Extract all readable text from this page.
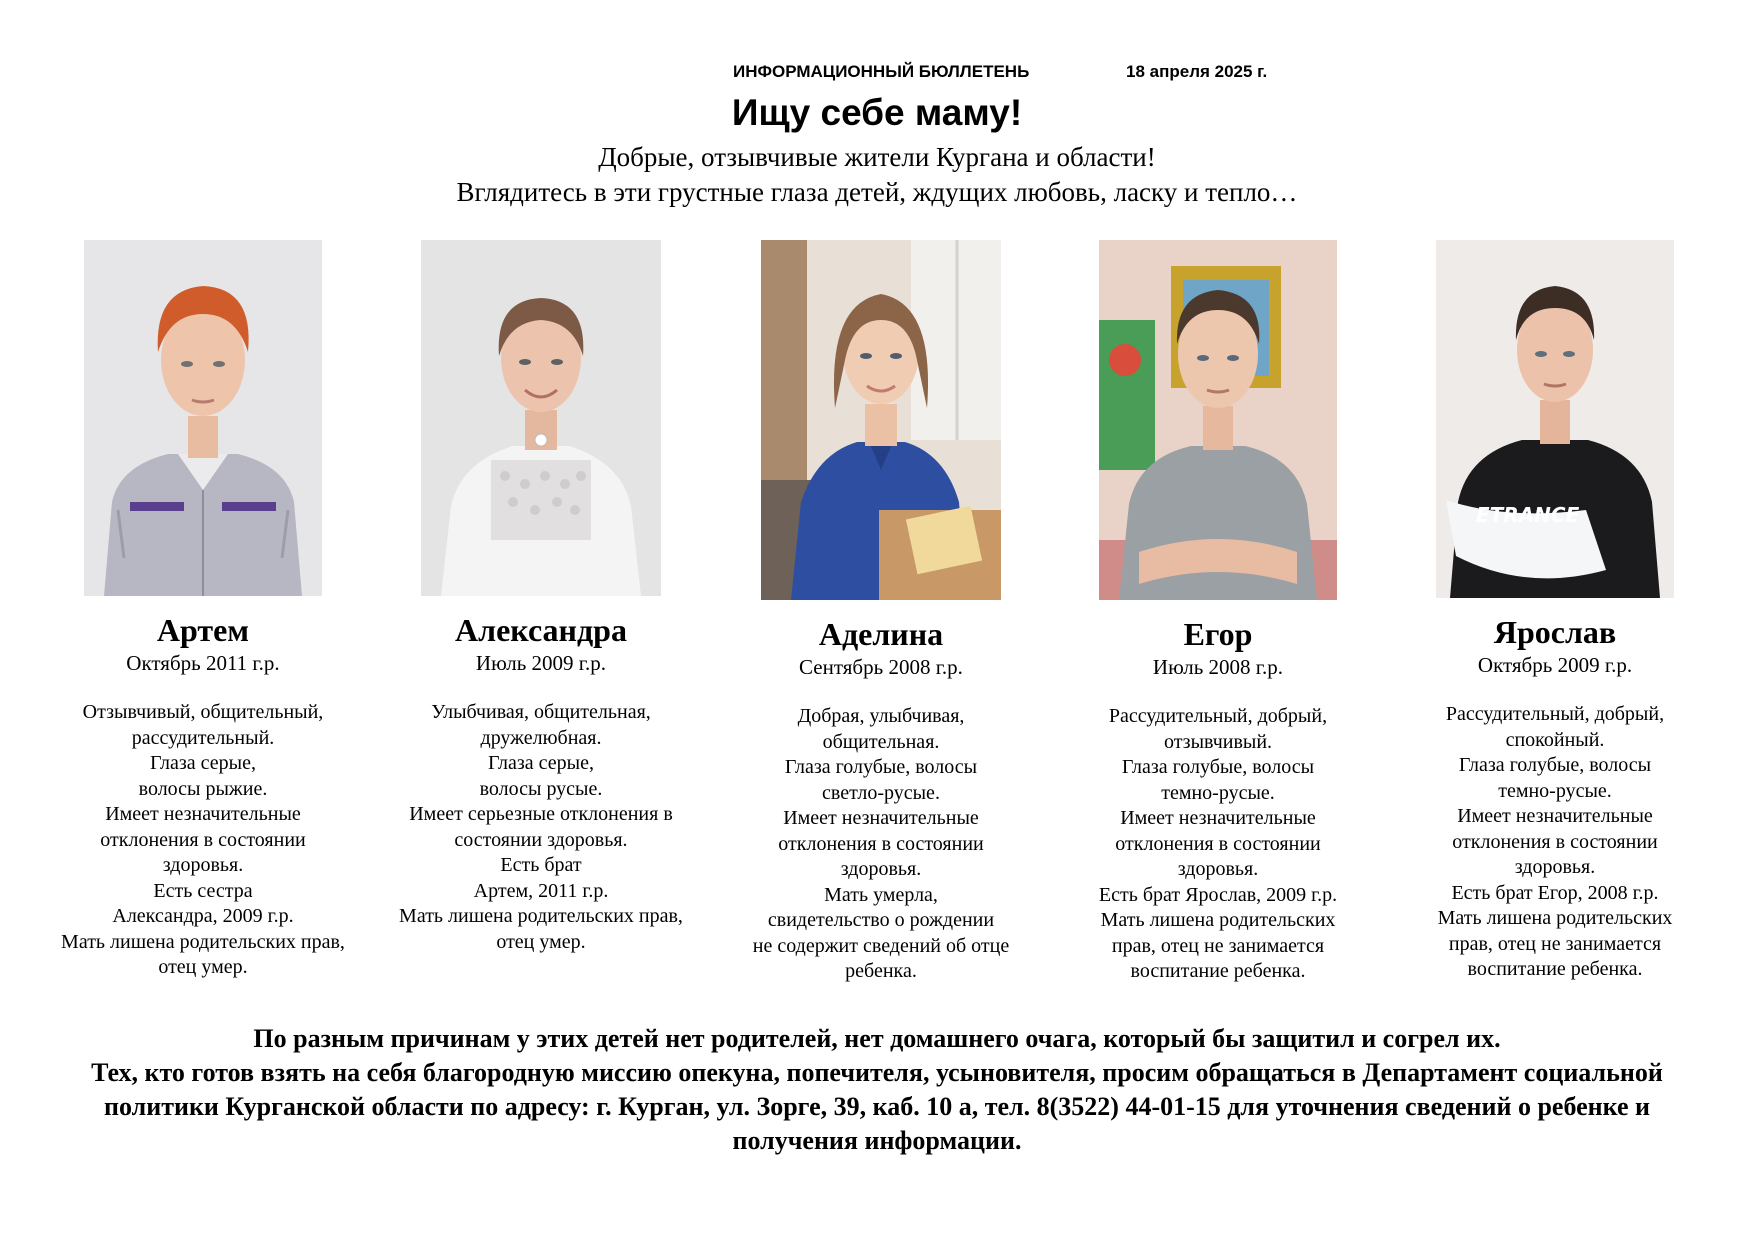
ИНФОРМАЦИОННЫЙ БЮЛЛЕТЕНЬ	18 апреля 2025 г.
Ищу себе маму!
Добрые, отзывчивые жители Кургана и области!
Вглядитесь в эти грустные глаза детей, ждущих любовь, ласку и тепло…
Артем
Октябрь 2011 г.р.
Отзывчивый, общительный,
рассудительный.
Глаза серые,
волосы рыжие.
Имеет незначительные
отклонения в состоянии
здоровья.
Есть сестра
Александра, 2009 г.р.
Мать лишена родительских прав,
отец умер.
Александра
Июль 2009 г.р.
Улыбчивая, общительная,
дружелюбная.
Глаза серые,
волосы русые.
Имеет серьезные отклонения в
состоянии здоровья.
Есть брат
Артем, 2011 г.р.
Мать лишена родительских прав,
отец умер.
Аделина
Сентябрь 2008 г.р.
Добрая, улыбчивая,
общительная.
Глаза голубые, волосы
светло-русые.
Имеет незначительные
отклонения в состоянии
здоровья.
Мать умерла,
свидетельство о рождении
не содержит сведений об отце
ребенка.
Егор
Июль 2008 г.р.
Рассудительный, добрый,
отзывчивый.
Глаза голубые, волосы
темно-русые.
Имеет незначительные
отклонения в состоянии
здоровья.
Есть брат Ярослав, 2009 г.р.
Мать лишена родительских
прав, отец не занимается
воспитание ребенка.
ETRANCE
Ярослав
Октябрь 2009 г.р.
Рассудительный, добрый,
спокойный.
Глаза голубые, волосы
темно-русые.
Имеет незначительные
отклонения в состоянии
здоровья.
Есть брат Егор, 2008 г.р.
Мать лишена родительских
прав, отец не занимается
воспитание ребенка.
По разным причинам у этих детей нет родителей, нет домашнего очага, который бы защитил и согрел их.
Тех, кто готов взять на себя благородную миссию опекуна, попечителя, усыновителя, просим обращаться в Департамент социальной политики Курганской области по адресу: г. Курган, ул. Зорге, 39, каб. 10 а, тел. 8(3522) 44-01-15 для уточнения сведений о ребенке и получения информации.
